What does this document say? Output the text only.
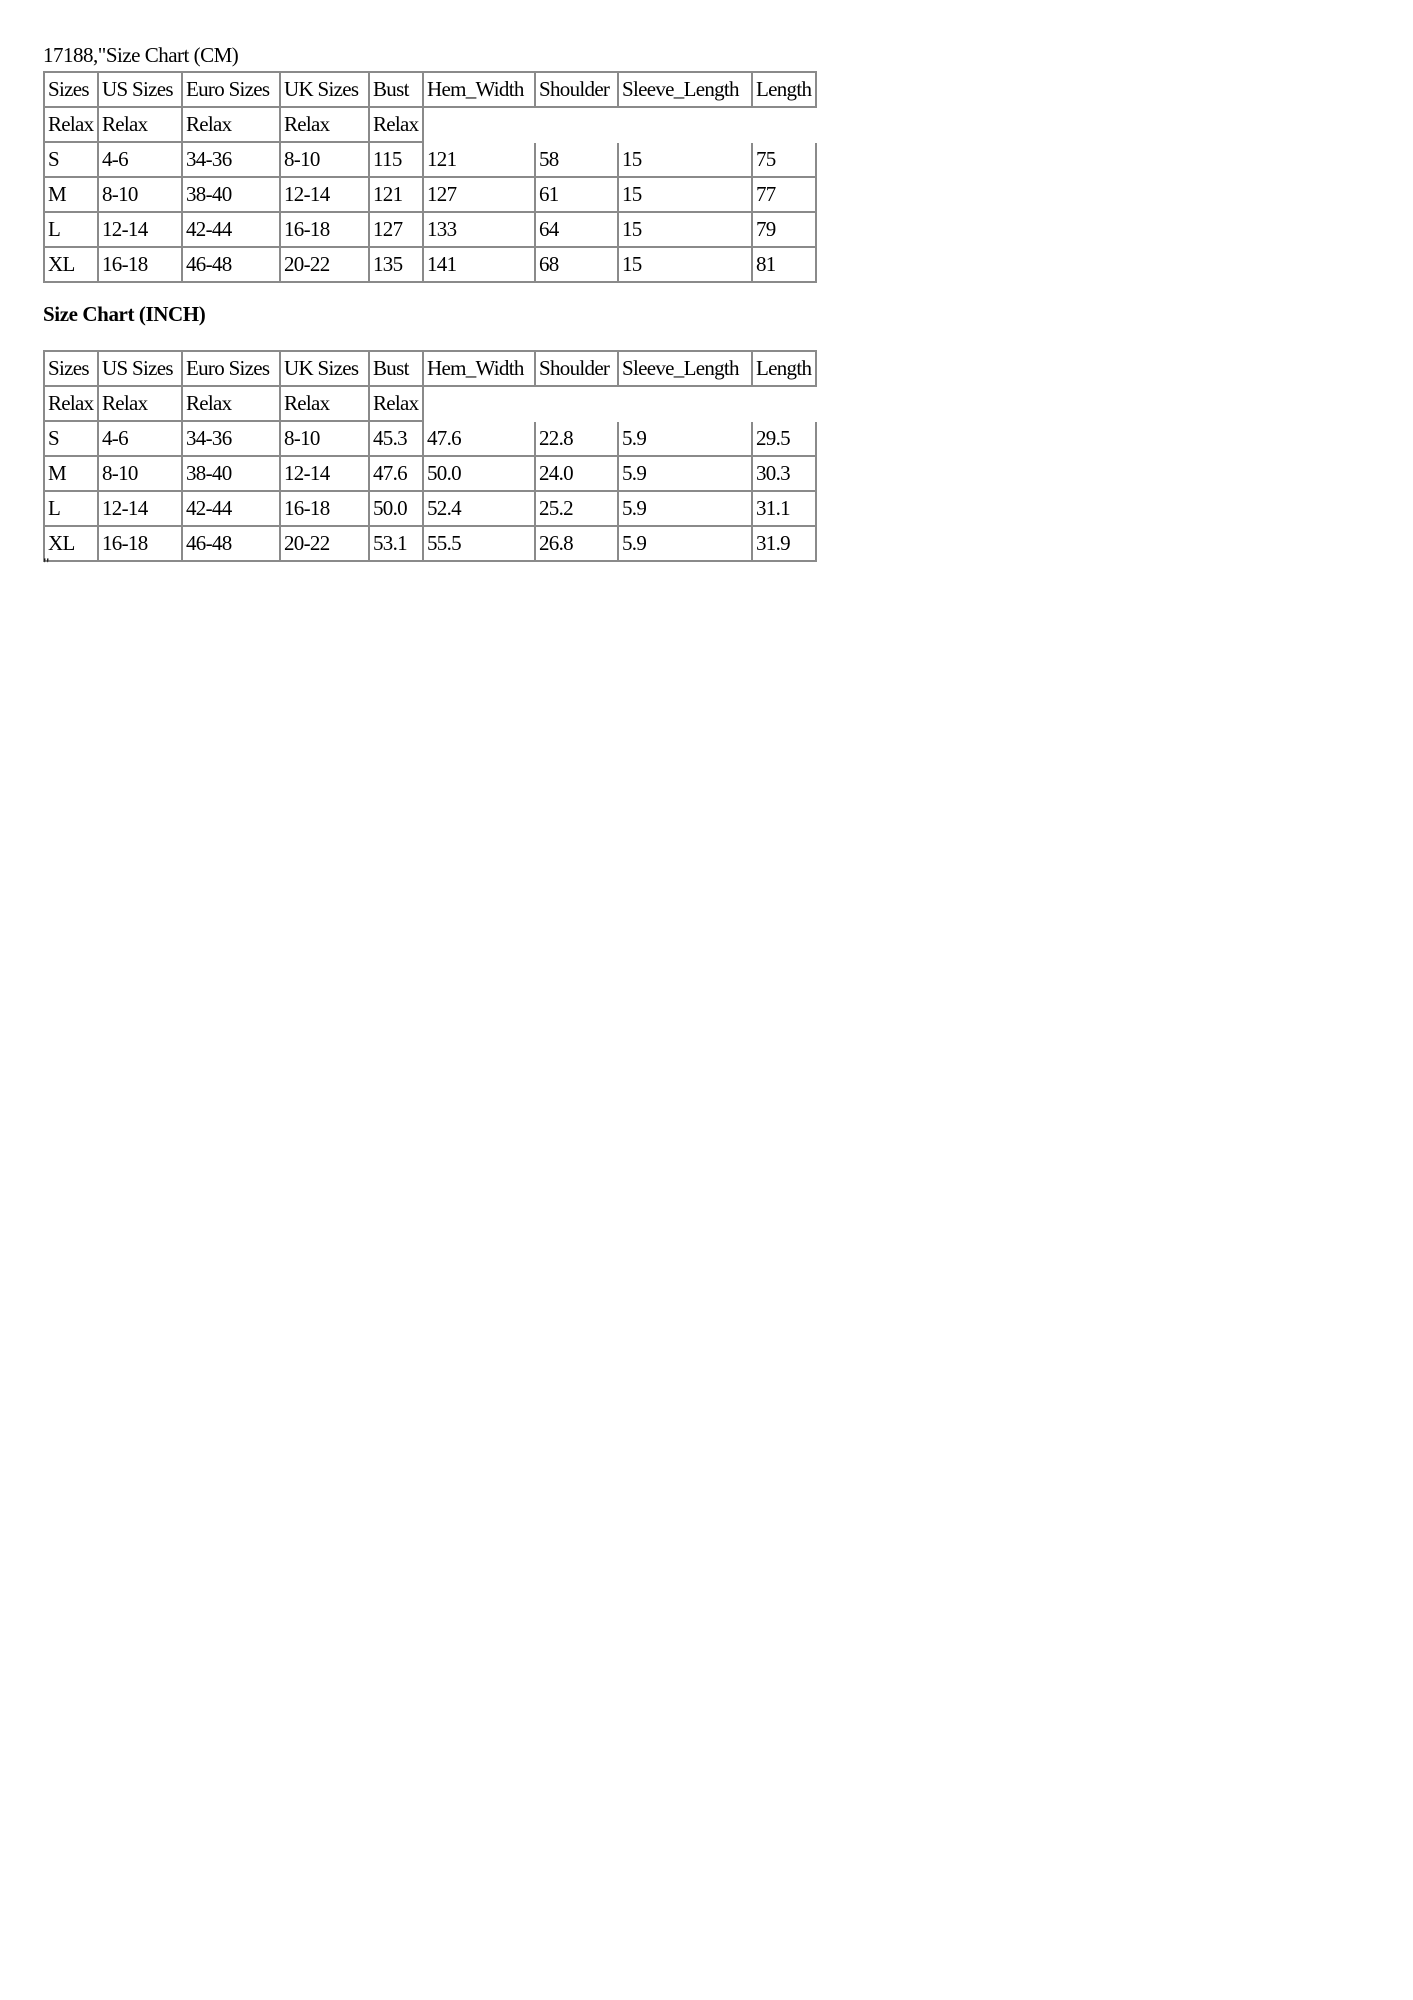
17188,"Size Chart (CM)
Sizes	US Sizes	Euro Sizes	UK Sizes	Bust	Hem_Width	Shoulder	Sleeve_Length	Length
Relax	Relax	Relax	Relax	Relax				
S	4-6	34-36	8-10	115	121	58	15	75
M	8-10	38-40	12-14	121	127	61	15	77
L	12-14	42-44	16-18	127	133	64	15	79
XL	16-18	46-48	20-22	135	141	68	15	81
Size Chart (INCH)
Sizes	US Sizes	Euro Sizes	UK Sizes	Bust	Hem_Width	Shoulder	Sleeve_Length	Length
Relax	Relax	Relax	Relax	Relax				
S	4-6	34-36	8-10	45.3	47.6	22.8	5.9	29.5
M	8-10	38-40	12-14	47.6	50.0	24.0	5.9	30.3
L	12-14	42-44	16-18	50.0	52.4	25.2	5.9	31.1
XL	16-18	46-48	20-22	53.1	55.5	26.8	5.9	31.9
"
